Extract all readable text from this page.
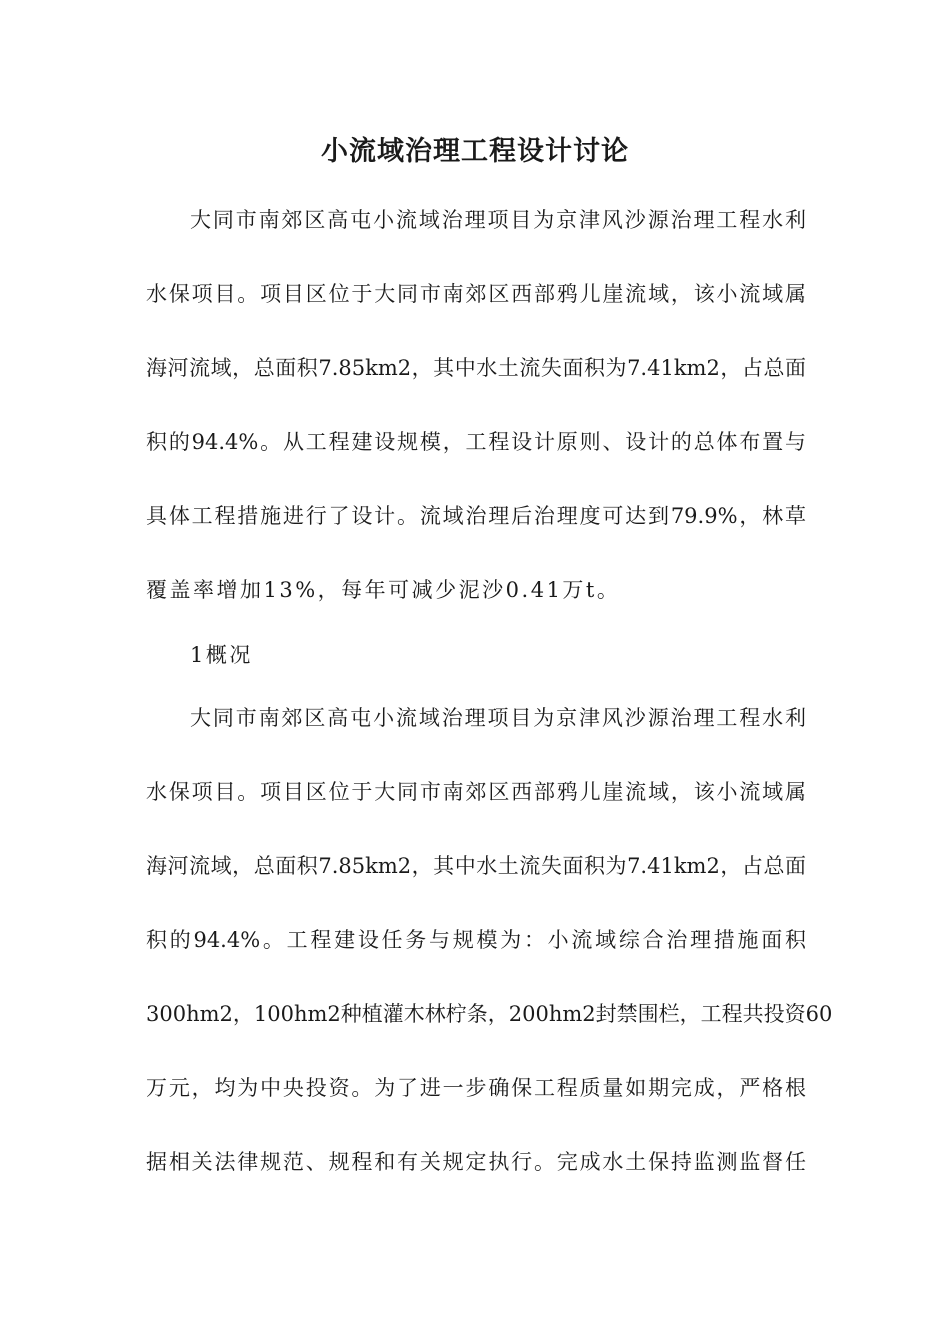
小流域治理工程设计讨论
大同市南郊区高屯小流域治理项目为京津风沙源治理工程水利
水保项目。项目区位于大同市南郊区西部鸦儿崖流域，该小流域属
海河流域，总面积7.85km2，其中水土流失面积为7.41km2，占总面
积的94.4%。从工程建设规模，工程设计原则、设计的总体布置与
具体工程措施进行了设计。流域治理后治理度可达到79.9%，林草
覆盖率增加13%，每年可减少泥沙0.41万t。
1概况
大同市南郊区高屯小流域治理项目为京津风沙源治理工程水利
水保项目。项目区位于大同市南郊区西部鸦儿崖流域，该小流域属
海河流域，总面积7.85km2，其中水土流失面积为7.41km2，占总面
积的94.4%。工程建设任务与规模为：小流域综合治理措施面积
300hm2，100hm2种植灌木林柠条，200hm2封禁围栏，工程共投资60
万元，均为中央投资。为了进一步确保工程质量如期完成，严格根
据相关法律规范、规程和有关规定执行。完成水土保持监测监督任
